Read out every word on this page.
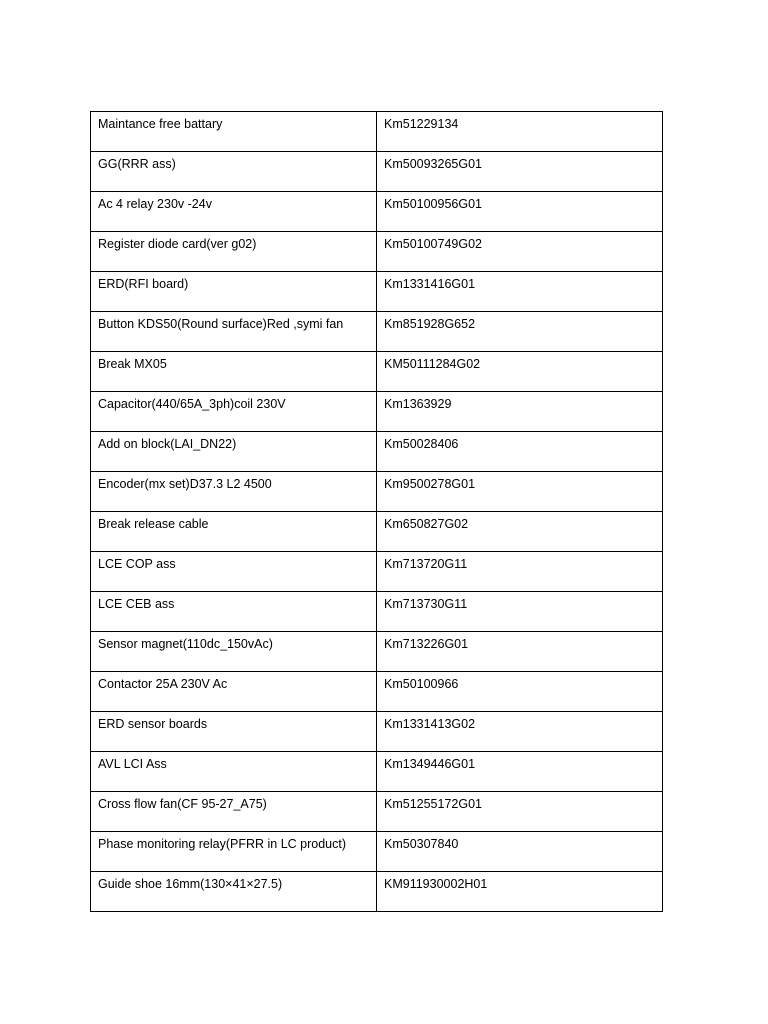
Maintance free battary	Km51229134

GG(RRR ass)	Km50093265G01

Ac 4 relay 230v -24v	Km50100956G01

Register diode card(ver g02)	Km50100749G02

ERD(RFI board)	Km1331416G01

Button KDS50(Round surface)Red ,symi fan	Km851928G652

Break MX05	KM50111284G02

Capacitor(440/65A_3ph)coil 230V	Km1363929

Add on block(LAI_DN22)	Km50028406

Encoder(mx set)D37.3 L2 4500	Km9500278G01

Break release cable	Km650827G02

LCE COP ass	Km713720G11

LCE CEB ass	Km713730G11

Sensor magnet(110dc_150vAc)	Km713226G01

Contactor 25A 230V Ac	Km50100966

ERD sensor boards	Km1331413G02

AVL LCI Ass	Km1349446G01

Cross flow fan(CF 95-27_A75)	Km51255172G01

Phase monitoring relay(PFRR in LC product)	Km50307840

Guide shoe 16mm(130×41×27.5)	KM911930002H01
